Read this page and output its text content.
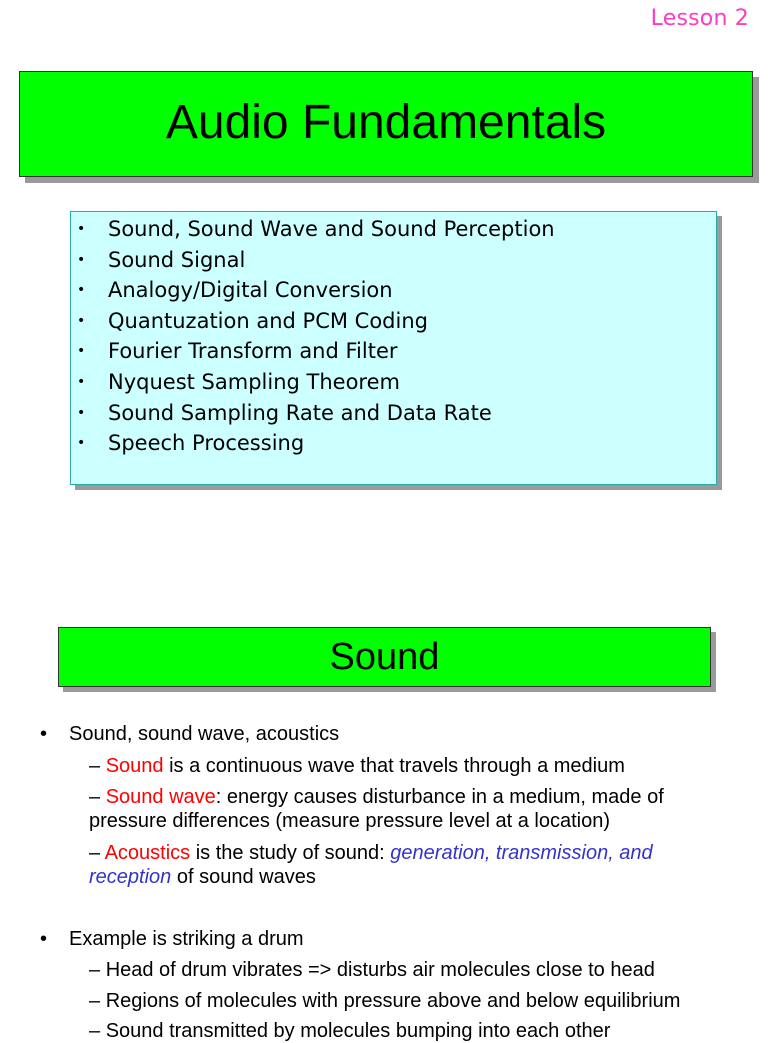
Lesson 2
Audio Fundamentals
• Sound, Sound Wave and Sound Perception
• Sound Signal
• Analogy/Digital Conversion
• Quantuzation and PCM Coding
• Fourier Transform and Filter
• Nyquest Sampling Theorem
• Sound Sampling Rate and Data Rate
• Speech Processing
Sound
• Sound, sound wave, acoustics
– Sound is a continuous wave that travels through a medium
– Sound wave: energy causes disturbance in a medium, made of pressure differences (measure pressure level at a location)
– Acoustics is the study of sound: generation, transmission, and reception of sound waves
• Example is striking a drum
– Head of drum vibrates => disturbs air molecules close to head
– Regions of molecules with pressure above and below equilibrium
– Sound transmitted by molecules bumping into each other
